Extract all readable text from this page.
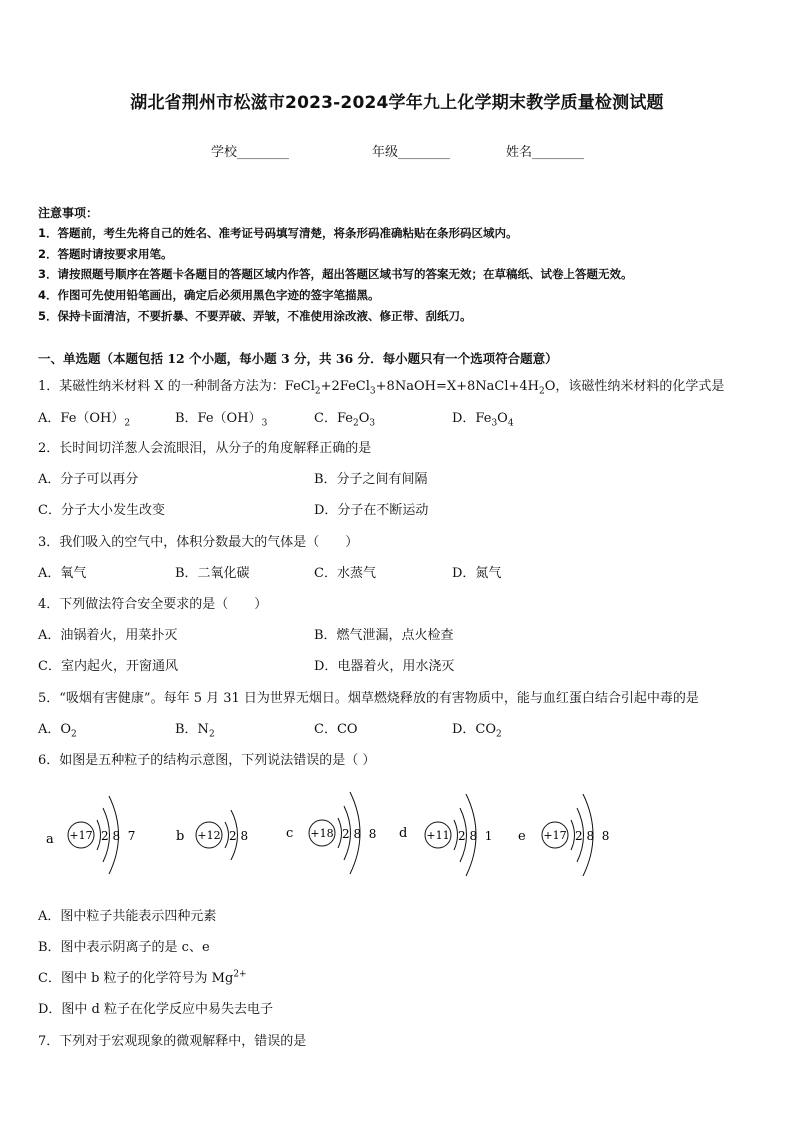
湖北省荆州市松滋市2023-2024学年九上化学期末教学质量检测试题
学校________	年级________	姓名________
注意事项：
1．答题前，考生先将自己的姓名、准考证号码填写清楚，将条形码准确粘贴在条形码区域内。
2．答题时请按要求用笔。
3．请按照题号顺序在答题卡各题目的答题区域内作答，超出答题区域书写的答案无效；在草稿纸、试卷上答题无效。
4．作图可先使用铅笔画出，确定后必须用黑色字迹的签字笔描黑。
5．保持卡面清洁，不要折暴、不要弄破、弄皱，不准使用涂改液、修正带、刮纸刀。
一、单选题（本题包括 12 个小题，每小题 3 分，共 36 分．每小题只有一个选项符合题意）
1．某磁性纳米材料 X 的一种制备方法为：$FeCl_2+2FeCl_3+8NaOH=X+8NaCl+4H_2O$，该磁性纳米材料的化学式是
A．$Fe(OH)_2$	B．$Fe(OH)_3$	C．$Fe_2O_3$	D．$Fe_3O_4$
2．长时间切洋葱人会流眼泪，从分子的角度解释正确的是
A．分子可以再分	B．分子之间有间隔
C．分子大小发生改变	D．分子在不断运动
3．我们吸入的空气中，体积分数最大的气体是（　　）
A．氧气	B．二氧化碳	C．水蒸气	D．氮气
4．下列做法符合安全要求的是（　　）
A．油锅着火，用菜扑灭	B．燃气泄漏，点火检查
C．室内起火，开窗通风	D．电器着火，用水浇灭
5．“吸烟有害健康”。每年 5 月 31 日为世界无烟日。烟草燃烧释放的有害物质中，能与血红蛋白结合引起中毒的是
A．$O_2$	B．$N_2$	C．CO	D．$CO_2$
6．如图是五种粒子的结构示意图，下列说法错误的是（ ）
a +17 2 8  7	b +12 2 8	c +18 2 8  8 d +11 2 8  1 e +17 2 8  8
A．图中粒子共能表示四种元素
B．图中表示阴离子的是 c、e
C．图中 b 粒子的化学符号为 $Mg^{2+}$
D．图中 d 粒子在化学反应中易失去电子
7．下列对于宏观现象的微观解释中，错误的是
